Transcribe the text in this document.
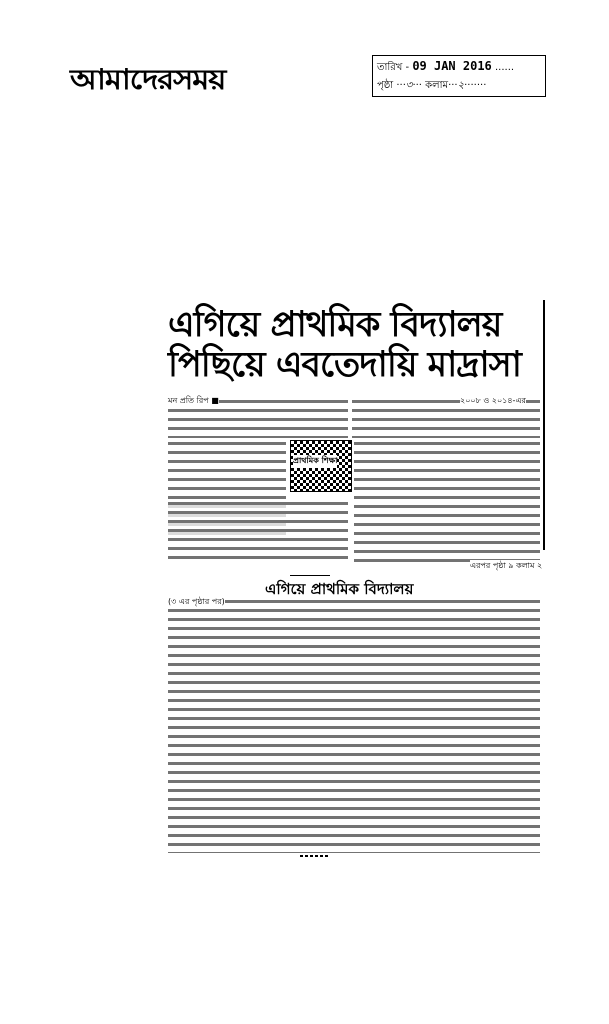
আমাদেরসময়	তারিখ - 09 JAN 2016 ......
পৃষ্ঠা ···৩··· কলাম···২·······
এগিয়ে প্রাথমিক বিদ্যালয়
পিছিয়ে এবতেদায়ি মাদ্রাসা
মন প্রতি রিপ ■	২০০৮ ও ২০১৪-এর
এরপর পৃষ্ঠা ৯ কলাম ২
প্রাথমিক শিক্ষা
এগিয়ে প্রাথমিক বিদ্যালয়
(৩ এর পৃষ্ঠার পর)
